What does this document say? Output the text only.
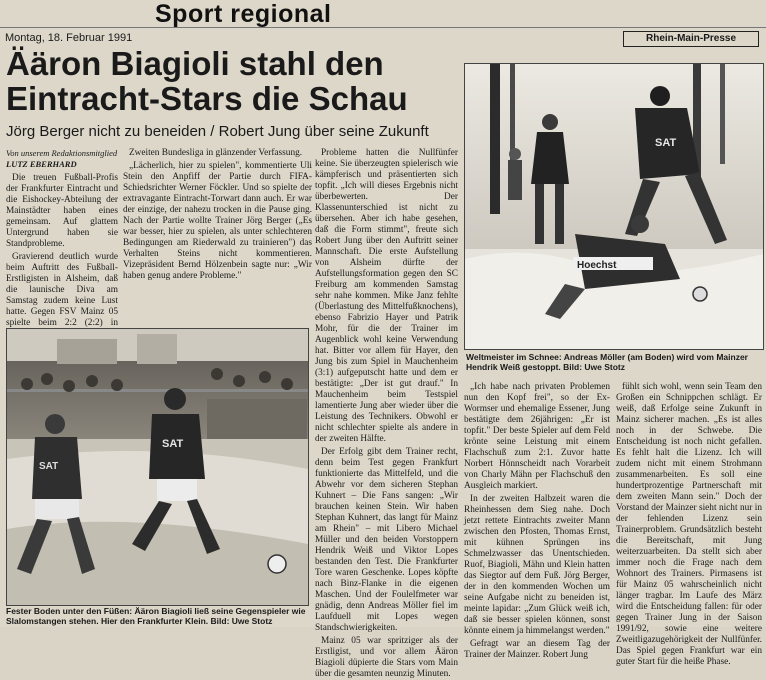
Sport regional
Montag, 18. Februar 1991	Rhein-Main-Presse
Ääron Biagioli stahl den Eintracht-Stars die Schau
Jörg Berger nicht zu beneiden / Robert Jung über seine Zukunft
Von unserem Redaktionsmitglied
LUTZ EBERHARD

Die treuen Fußball-Profis der Frankfurter Eintracht und die Eishockey-Abteilung der Mainstädter haben eines gemeinsam. Auf glattem Untergrund haben sie Standprobleme.

Gravierend deutlich wurde beim Auftritt des Fußball-Erstligisten in Alsheim, daß die launische Diva am Samstag zudem keine Lust hatte. Gegen FSV Mainz 05 spielte beim 2:2 (2:2) in

Zweiten Bundesliga in glänzender Verfassung.

„Lächerlich, hier zu spielen", kommentierte Uli Stein den Anpfiff der Partie durch FIFA-Schiedsrichter Werner Föckler. Und so spielte der extravagante Eintracht-Torwart dann auch. Er war der einzige, der nahezu trocken in die Pause ging. Nach der Partie wollte Trainer Jörg Berger („Es war besser, hier zu spielen, als unter schlechteren Bedingungen am Riederwald zu trainieren") das Verhalten Steins nicht kommentieren. Vizepräsident Bernd Hölzenbein sagte nur: „Wir haben genug andere Probleme."

Probleme hatten die Nullfünfer keine. Sie überzeugten spielerisch wie kämpferisch und präsentierten sich topfit. „Ich will dieses Ergebnis nicht überbewerten. Der Klassenunterschied ist nicht zu übersehen. Aber ich habe gesehen, daß die Form stimmt", freute sich Robert Jung über den Auftritt seiner Mannschaft. Die erste Aufstellung von Alsheim dürfte der Aufstellungsformation gegen den SC Freiburg am kommenden Samstag sehr nahe kommen. Mike Janz fehlte (Überlastung des Mittelfußknochens), ebenso Fabrizio Hayer und Patrik Mohr, für die der Trainer im Augenblick wohl keine Verwendung hat. Bitter vor allem für Hayer, den Jung bis zum Spiel in Mauchenheim (3:1) aufgeputscht hatte und dem er bestätigte: „Der ist gut drauf." In Mauchenheim beim Testspiel lamentierte Jung aber wieder über die Leistung des Technikers. Obwohl er nicht schlechter spielte als andere in der zweiten Hälfte.

Der Erfolg gibt dem Trainer recht, denn beim Test gegen Frankfurt funktionierte das Mittelfeld, und die Abwehr vor dem sicheren Stephan Kuhnert – Die Fans sangen: „Wir brauchen keinen Stein. Wir haben Stephan Kuhnert, das langt für Mainz am Rhein" – mit Libero Michael Müller und den beiden Vorstoppern Hendrik Weiß und Viktor Lopes bestanden den Test. Die Frankfurter Tore waren Geschenke. Lopes köpfte nach Binz-Flanke in die eigenen Maschen. Und der Foulelfmeter war gnädig, denn Andreas Möller fiel im Laufduell mit Lopes wegen Standschwierigkeiten.

Mainz 05 war spritziger als der Erstligist, und vor allem Ääron Biagioli düpierte die Stars vom Main über die gesamten neunzig Minuten.

„Ich habe nach privaten Problemen nun den Kopf frei", so der Ex-Wormser und ehemalige Essener, Jung bestätigte dem 26jährigen: „Er ist topfit." Der beste Spieler auf dem Feld krönte seine Leistung mit einem Flachschuß zum 2:1. Zuvor hatte Norbert Hönnscheidt nach Vorarbeit von Charly Mähn per Flachschuß den Ausgleich markiert.

In der zweiten Halbzeit waren die Rheinhessen dem Sieg nahe. Doch jetzt rettete Eintrachts zweiter Mann zwischen den Pfosten, Thomas Ernst, mit kühnen Sprüngen ins Schmelzwasser das Unentschieden. Ruof, Biagioli, Mähn und Klein hatten das Siegtor auf dem Fuß. Jörg Berger, der in den kommenden Wochen um seine Aufgabe nicht zu beneiden ist, meinte lapidar: „Zum Glück weiß ich, daß sie besser spielen können, sonst könnte einem ja himmelangst werden."

Gefragt war an diesem Tag der Trainer der Mainzer. Robert Jung

fühlt sich wohl, wenn sein Team den Großen ein Schnippchen schlägt. Er weiß, daß Erfolge seine Zukunft in Mainz sicherer machen. „Es ist alles noch in der Schwebe. Die Entscheidung ist noch nicht gefallen. Es fehlt halt die Lizenz. Ich will zudem nicht mit einem Strohmann zusammenarbeiten. Es soll eine hundertprozentige Partnerschaft mit dem zweiten Mann sein." Doch der Vorstand der Mainzer sieht nicht nur in der fehlenden Lizenz sein Trainerproblem. Grundsätzlich besteht die Bereitschaft, mit Jung weiterzuarbeiten. Da stellt sich aber immer noch die Frage nach dem Wohnort des Trainers. Pirmasens ist für Mainz 05 wahrscheinlich nicht länger tragbar. Im Laufe des März wird die Entscheidung fallen: für oder gegen Trainer Jung in der Saison 1991/92, sowie eine weitere Zweitligazugehörigkeit der Nullfünfer. Das Spiel gegen Frankfurt war ein guter Start für die heiße Phase.

SAT
Hoechst
Weltmeister im Schnee: Andreas Möller (am Boden) wird vom Mainzer Hendrik Weiß gestoppt. Bild: Uwe Stotz
SAT
SAT
Fester Boden unter den Füßen: Ääron Biagioli ließ seine Gegenspieler wie Slalomstangen stehen. Hier den Frankfurter Klein. Bild: Uwe Stotz
